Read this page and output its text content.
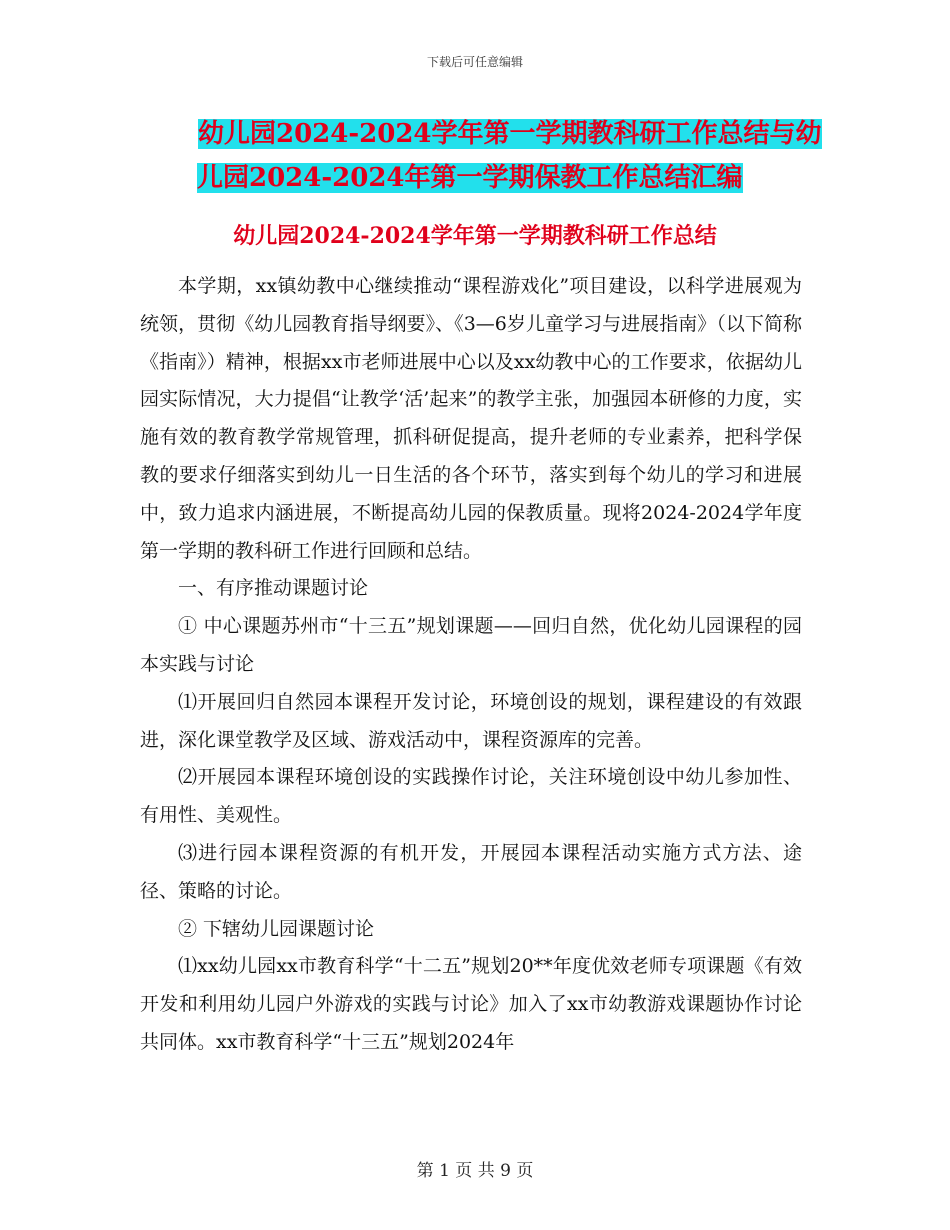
下载后可任意编辑
幼儿园2024-2024学年第一学期教科研工作总结与幼
儿园2024-2024年第一学期保教工作总结汇编
幼儿园2024-2024学年第一学期教科研工作总结

本学期，xx镇幼教中心继续推动“课程游戏化”项目建设，以科学进展观为统领，贯彻《幼儿园教育指导纲要》、《3—6岁儿童学习与进展指南》（以下简称《指南》）精神，根据xx市老师进展中心以及xx幼教中心的工作要求，依据幼儿园实际情况，大力提倡“让教学‘活’起来”的教学主张，加强园本研修的力度，实施有效的教育教学常规管理，抓科研促提高，提升老师的专业素养，把科学保教的要求仔细落实到幼儿一日生活的各个环节，落实到每个幼儿的学习和进展中，致力追求内涵进展，不断提高幼儿园的保教质量。现将2024-2024学年度第一学期的教科研工作进行回顾和总结。

一、有序推动课题讨论

① 中心课题苏州市“十三五”规划课题——回归自然，优化幼儿园课程的园本实践与讨论

⑴开展回归自然园本课程开发讨论，环境创设的规划，课程建设的有效跟进，深化课堂教学及区域、游戏活动中，课程资源库的完善。

⑵开展园本课程环境创设的实践操作讨论，关注环境创设中幼儿参加性、有用性、美观性。

⑶进行园本课程资源的有机开发，开展园本课程活动实施方式方法、途径、策略的讨论。

② 下辖幼儿园课题讨论

⑴xx幼儿园xx市教育科学“十二五”规划20**年度优效老师专项课题《有效开发和利用幼儿园户外游戏的实践与讨论》加入了xx市幼教游戏课题协作讨论共同体。xx市教育科学“十三五”规划2024年

第 1 页 共 9 页
